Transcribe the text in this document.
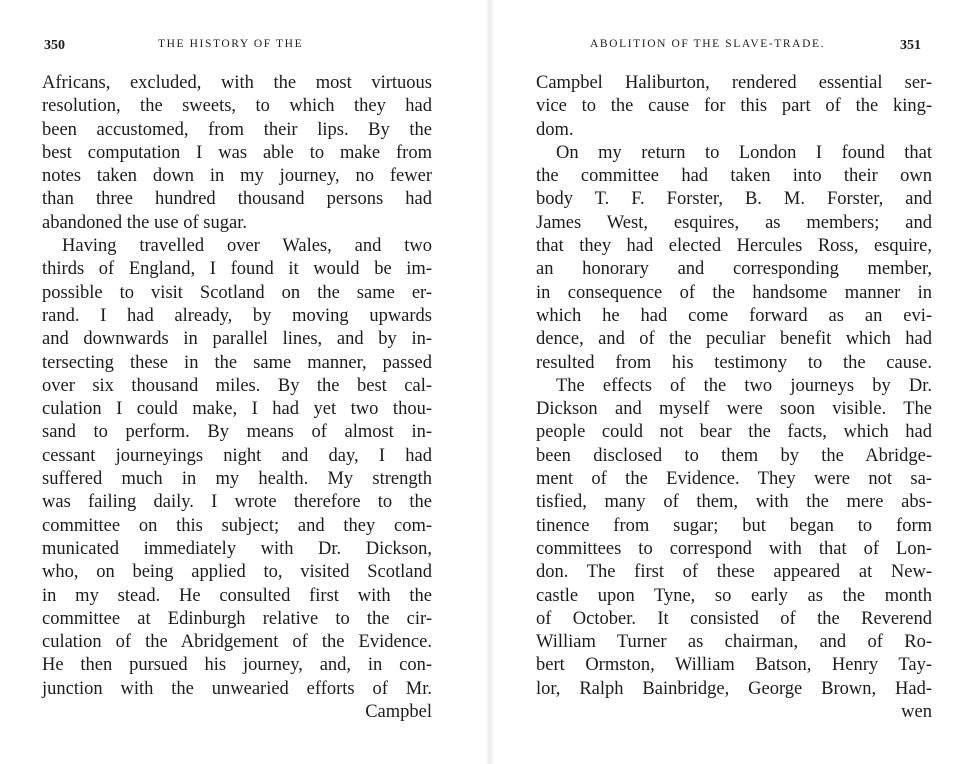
350	THE HISTORY OF THE
Africans, excluded, with the most virtuous
resolution, the sweets, to which they had
been accustomed, from their lips. By the
best computation I was able to make from
notes taken down in my journey, no fewer
than three hundred thousand persons had
abandoned the use of sugar.
Having travelled over Wales, and two
thirds of England, I found it would be im-
possible to visit Scotland on the same er-
rand. I had already, by moving upwards
and downwards in parallel lines, and by in-
tersecting these in the same manner, passed
over six thousand miles. By the best cal-
culation I could make, I had yet two thou-
sand to perform. By means of almost in-
cessant journeyings night and day, I had
suffered much in my health. My strength
was failing daily. I wrote therefore to the
committee on this subject; and they com-
municated immediately with Dr. Dickson,
who, on being applied to, visited Scotland
in my stead. He consulted first with the
committee at Edinburgh relative to the cir-
culation of the Abridgement of the Evidence.
He then pursued his journey, and, in con-
junction with the unwearied efforts of Mr.
Campbel
ABOLITION OF THE SLAVE-TRADE.	351
Campbel Haliburton, rendered essential ser-
vice to the cause for this part of the king-
dom.
On my return to London I found that
the committee had taken into their own
body T. F. Forster, B. M. Forster, and
James West, esquires, as members; and
that they had elected Hercules Ross, esquire,
an honorary and corresponding member,
in consequence of the handsome manner in
which he had come forward as an evi-
dence, and of the peculiar benefit which had
resulted from his testimony to the cause.
The effects of the two journeys by Dr.
Dickson and myself were soon visible. The
people could not bear the facts, which had
been disclosed to them by the Abridge-
ment of the Evidence. They were not sa-
tisfied, many of them, with the mere abs-
tinence from sugar; but began to form
committees to correspond with that of Lon-
don. The first of these appeared at New-
castle upon Tyne, so early as the month
of October. It consisted of the Reverend
William Turner as chairman, and of Ro-
bert Ormston, William Batson, Henry Tay-
lor, Ralph Bainbridge, George Brown, Had-
wen
